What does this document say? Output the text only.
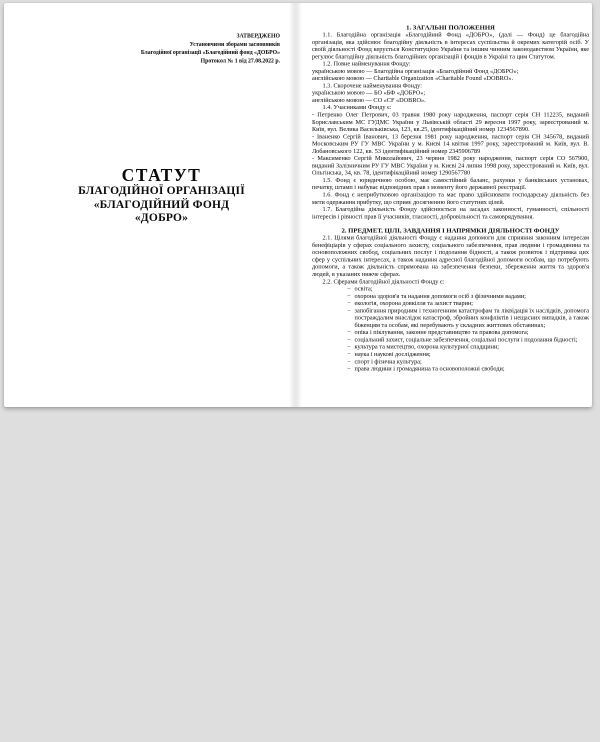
ЗАТВЕРДЖЕНО
Установчими зборами засновників
Благодійної організації «Благодійний фонд «ДОБРО»
Протокол № 1 від 27.08.2022 р.
СТАТУТ
БЛАГОДІЙНОЇ ОРГАНІЗАЦІЇ
«БЛАГОДІЙНИЙ ФОНД
«ДОБРО»
1. ЗАГАЛЬНІ ПОЛОЖЕННЯ

1.1. Благодійна організація «Благодійний Фонд «ДОБРО», (далі — Фонд) це благодійна організація, яка здійснює благодійну діяльність в інтересах суспільства й окремих категорій осіб. У своїй діяльності Фонд керується Конституцією України та іншим чинним законодавством України, яке регулює благодійну діяльність благодійних організацій і фондів в Україні та цим Статутом.

1.2. Повне найменування Фонду:

українською мовою — Благодійна організація «Благодійний Фонд «ДОБРО»;

англійською мовою — Charitable Organization «Charitable Found «DOBRO».

1.3. Скорочене найменування Фонду:

українською мовою — БО «БФ «ДОБРО»;

англійською мовою — СО «СF «DOBRO».

1.4. Учасниками Фонду є:

- Петренко Олег Петрович, 03 травня 1980 року народження, паспорт серія СН 112235, виданий Бориславським МС ГУДМС України у Львівській області 29 вересня 1997 року, зареєстрований м. Київ, вул. Велика Васильківська, 123, кв.25, ідентифікаційний номер 1234567890.

- Іваненко Сергій Іванович, 13 березня 1981 року народження, паспорт серія СН 345678, виданий Московським РУ ГУ МВС України у м. Києві 14 квітня 1997 року, зареєстрований м. Київ, вул. В. Лобановського 122, кв. 53 ідентифікаційний номер 2345906789

- Максименко Сергій Миколайович, 23 червня 1982 року народження, паспорт серія СО 567900, виданий Залізничним РУ ГУ МВС України у м. Києві 24 липня 1998 року, зареєстрований м. Київ, вул. Ольгінська, 34, кв. 78, ідентифікаційний номер 1290567780

1.5. Фонд є юридичною особою, має самостійний баланс, рахунки у банківських установах, печатку, штамп і набуває відповідних прав з моменту його державної реєстрації.

1.6. Фонд є неприбутковою організацією та має право здійснювати господарську діяльність без мети одержання прибутку, що сприяє досягненню його статутних цілей.

1.7. Благодійна діяльність Фонду здійснюється на засадах законності, гуманності, спільності інтересів і рівності прав її учасників, гласності, добровільності та самоврядування.

2. ПРЕДМЕТ, ЦІЛІ, ЗАВДАННЯ І НАПРЯМКИ ДІЯЛЬНОСТІ ФОНДУ

2.1. Цілями благодійної діяльності Фонду є надання допомоги для сприяння законним інтересам бенефіціарів у сферах соціального захисту, соціального забезпечення, прав людини і громадянина та основоположних свобод, соціальних послуг і подолання бідності, а також розвиток і підтримка цих сфер у суспільних інтересах, а також надання адресної благодійної допомоги особам, що потребують допомоги, а також діяльність спрямована на забезпечення безпеки, збереження життя та здоров'я людей, в указаних нижче сферах.

2.2. Сферами благодійної діяльності Фонду є:

− освіта;
− охорона здоров'я та надання допомоги осіб з фізичними вадами;
− екологія, охорона довкілля та захист тварин;
− запобігання природним і техногенним катастрофам та ліквідація їх наслідків, допомога постраждалим внаслідок катастроф, збройних конфліктів і нещасних випадків, а також біженцям та особам, які перебувають у складних життєвих обставинах;
− опіка і піклування, законне представництво та правова допомога;
− соціальний захист, соціальне забезпечення, соціальні послуги і подолання бідності;
− культура та мистецтво, охорона культурної спадщини;
− наука і наукові дослідження;
− спорт і фізична культура;
− права людини і громадянина та основоположні свободи;
